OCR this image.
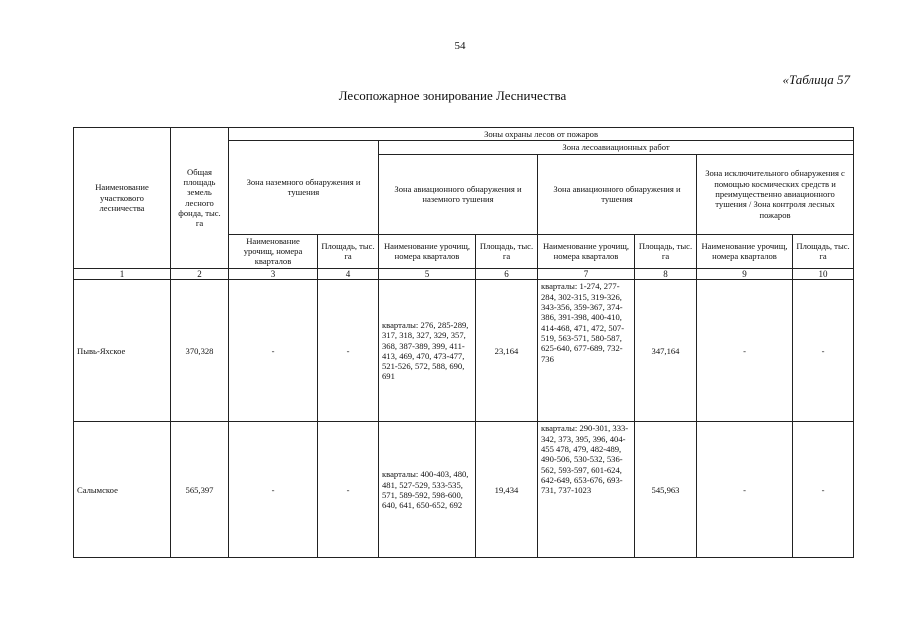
54
«Таблица 57
Лесопожарное зонирование Лесничества
Наименование участкового лесничества	Общая площадь земель лесного фонда, тыс. га	Зоны охраны лесов от пожаров							
		Зона наземного обнаружения и тушения		Зона лесоавиационных работ					
				Зона авиационного обнаружения и наземного тушения		Зона авиационного обнаружения и тушения		Зона исключительного обнаружения с помощью космических средств и преимущественно авиационного тушения / Зона контроля лесных пожаров	
		Наименование урочищ, номера кварталов	Площадь, тыс. га	Наименование урочищ, номера кварталов	Площадь, тыс. га	Наименование урочищ, номера кварталов	Площадь, тыс. га	Наименование урочищ, номера кварталов	Площадь, тыс. га
1	2	3	4	5	6	7	8	9	10
Пывь-Яхское	370,328	-	-	кварталы: 276, 285-289, 317, 318, 327, 329, 357, 368, 387-389, 399, 411-413, 469, 470, 473-477, 521-526, 572, 588, 690, 691	23,164	кварталы: 1-274, 277-284, 302-315, 319-326, 343-356, 359-367, 374-386, 391-398, 400-410, 414-468, 471, 472, 507-519, 563-571, 580-587, 625-640, 677-689, 732-736	347,164	-	-
Салымское	565,397	-	-	кварталы: 400-403, 480, 481, 527-529, 533-535, 571, 589-592, 598-600, 640, 641, 650-652, 692	19,434	кварталы: 290-301, 333-342, 373, 395, 396, 404-455 478, 479, 482-489, 490-506, 530-532, 536-562, 593-597, 601-624, 642-649, 653-676, 693-731, 737-1023	545,963	-	-
